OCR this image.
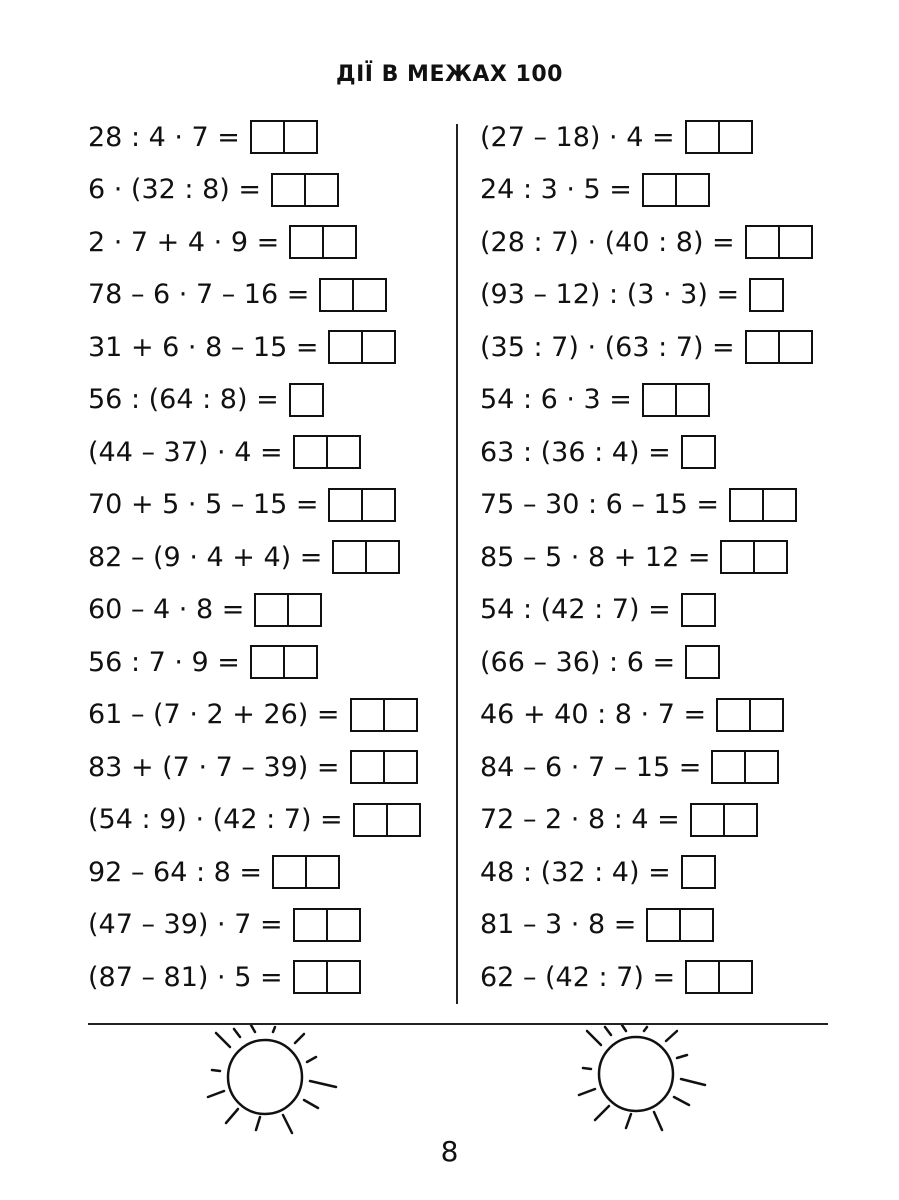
ДІЇ В МЕЖАХ 100
28 : 4 · 7 =
6 · (32 : 8) =
2 · 7 + 4 · 9 =
78 – 6 · 7 – 16 =
31 + 6 · 8 – 15 =
56 : (64 : 8) =
(44 – 37) · 4 =
70 + 5 · 5 – 15 =
82 – (9 · 4 + 4) =
60 – 4 · 8 =
56 : 7 · 9 =
61 – (7 · 2 + 26) =
83 + (7 · 7 – 39) =
(54 : 9) · (42 : 7) =
92 – 64 : 8 =
(47 – 39) · 7 =
(87 – 81) · 5 =
(27 – 18) · 4 =
24 : 3 · 5 =
(28 : 7) · (40 : 8) =
(93 – 12) : (3 · 3) =
(35 : 7) · (63 : 7) =
54 : 6 · 3 =
63 : (36 : 4) =
75 – 30 : 6 – 15 =
85 – 5 · 8 + 12 =
54 : (42 : 7) =
(66 – 36) : 6 =
46 + 40 : 8 · 7 =
84 – 6 · 7 – 15 =
72 – 2 · 8 : 4 =
48 : (32 : 4) =
81 – 3 · 8 =
62 – (42 : 7) =
8
